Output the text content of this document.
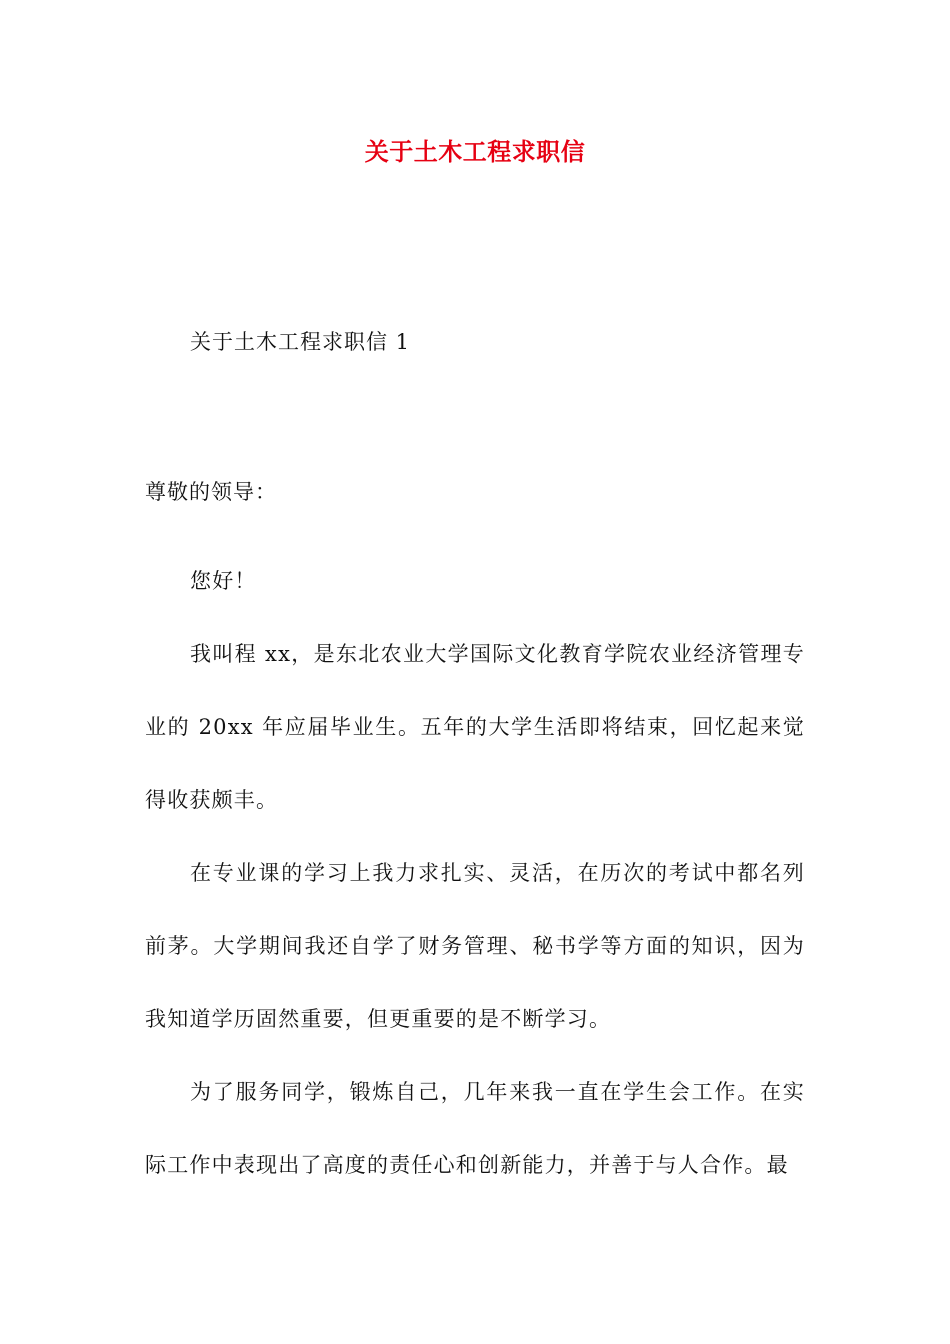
关于土木工程求职信
关于土木工程求职信 1
尊敬的领导：

您好！

我叫程 xx，是东北农业大学国际文化教育学院农业经济管理专业的 20xx 年应届毕业生。五年的大学生活即将结束，回忆起来觉得收获颇丰。

在专业课的学习上我力求扎实、灵活，在历次的考试中都名列前茅。大学期间我还自学了财务管理、秘书学等方面的知识，因为我知道学历固然重要，但更重要的是不断学习。

为了服务同学，锻炼自己，几年来我一直在学生会工作。在实际工作中表现出了高度的责任心和创新能力，并善于与人合作。最
